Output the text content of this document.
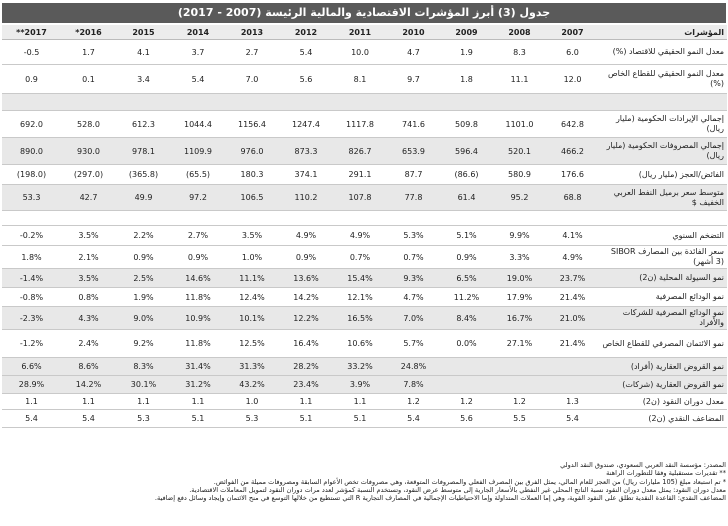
جدول (3) أبرز المؤشرات الاقتصادية والمالية الرئيسة (2007 - 2017)
المؤشرات	2007	2008	2009	2010	2011	2012	2013	2014	2015	2016*	2017**
معدل النمو الحقيقي للاقتصاد (%)	6.0	8.3	1.9	4.7	10.0	5.4	2.7	3.7	4.1	1.7	-0.5
معدل النمو الحقيقي للقطاع الخاص (%)	12.0	11.1	1.8	9.7	8.1	5.6	7.0	5.4	3.4	0.1	0.9

إجمالي الإيرادات الحكومية (مليار ريال)	642.8	1101.0	509.8	741.6	1117.8	1247.4	1156.4	1044.4	612.3	528.0	692.0
إجمالي المصروفات الحكومية (مليار ريال)	466.2	520.1	596.4	653.9	826.7	873.3	976.0	1109.9	978.1	930.0	890.0
الفائض/العجز (مليار ريال)	176.6	580.9	(86.6)	87.7	291.1	374.1	180.3	(65.5)	(365.8)	(297.0)	(198.0)
متوسط سعر برميل النفط العربي الخفيف $	68.8	95.2	61.4	77.8	107.8	110.2	106.5	97.2	49.9	42.7	53.3

التضخم السنوي	4.1%	9.9%	5.1%	5.3%	4.9%	4.9%	3.5%	2.7%	2.2%	3.5%	-0.2%
سعر الفائدة بين المصارف SIBOR (3 أشهر)	4.9%	3.3%	0.9%	0.7%	0.7%	0.9%	1.0%	0.9%	0.9%	2.1%	1.8%
نمو السيولة المحلية (ن2)	23.7%	19.0%	6.5%	9.3%	15.4%	13.6%	11.1%	14.6%	2.5%	3.5%	-1.4%
نمو الودائع المصرفية	21.4%	17.9%	11.2%	4.7%	12.1%	14.2%	12.4%	11.8%	1.9%	0.8%	-0.8%
نمو الودائع المصرفية للشركات والأفراد	21.0%	16.7%	8.4%	7.0%	16.5%	12.2%	10.1%	10.9%	9.0%	4.3%	-2.3%
نمو الائتمان المصرفي للقطاع الخاص	21.4%	27.1%	0.0%	5.7%	10.6%	16.4%	12.5%	11.8%	9.2%	2.4%	-1.2%
نمو القروض العقارية (أفراد)				24.8%	33.2%	28.2%	31.3%	31.4%	8.3%	8.6%	6.6%
نمو القروض العقارية (شركات)				7.8%	3.9%	23.4%	43.2%	31.2%	30.1%	14.2%	28.9%
معدل دوران النقود (ن2)	1.3	1.2	1.2	1.2	1.1	1.1	1.0	1.1	1.1	1.1	1.1
المضاعف النقدي (ن2)	5.4	5.5	5.6	5.4	5.1	5.1	5.3	5.1	5.3	5.4	5.4

المصدر: مؤسسة النقد العربي السعودي، صندوق النقد الدولي

** تقديرات مستقبلية وفقا للتطورات الراهنة

* تم استبعاد مبلغ (105 مليارات ريال) من العجز للعام المالي، يمثل الفرق بين المصرف الفعلي والمصروفات المتوقعة، وهي مصروفات تخص الأعوام السابقة ومصروفات مميلة من الفوائض.

معدل دوران النقود: يمثل معدل دوران النقود نسبة الناتج المحلي غير النفطي بالأسعار الجارية إلى متوسط عرض النقود، وتستخدم النسبة كمؤشر لعدد مرات دوران النقود لتمويل المعاملات الاقتصادية.

المضاعف النقدي: القاعدة النقدية تطلق على النقود القوية، وهي إما العملات المتداولة وإما الاحتياطيات الإجمالية في المصارف التجارية R التي تستطيع من خلالها التوسع في منح الائتمان وإيجاد وسائل دفع إضافية.
